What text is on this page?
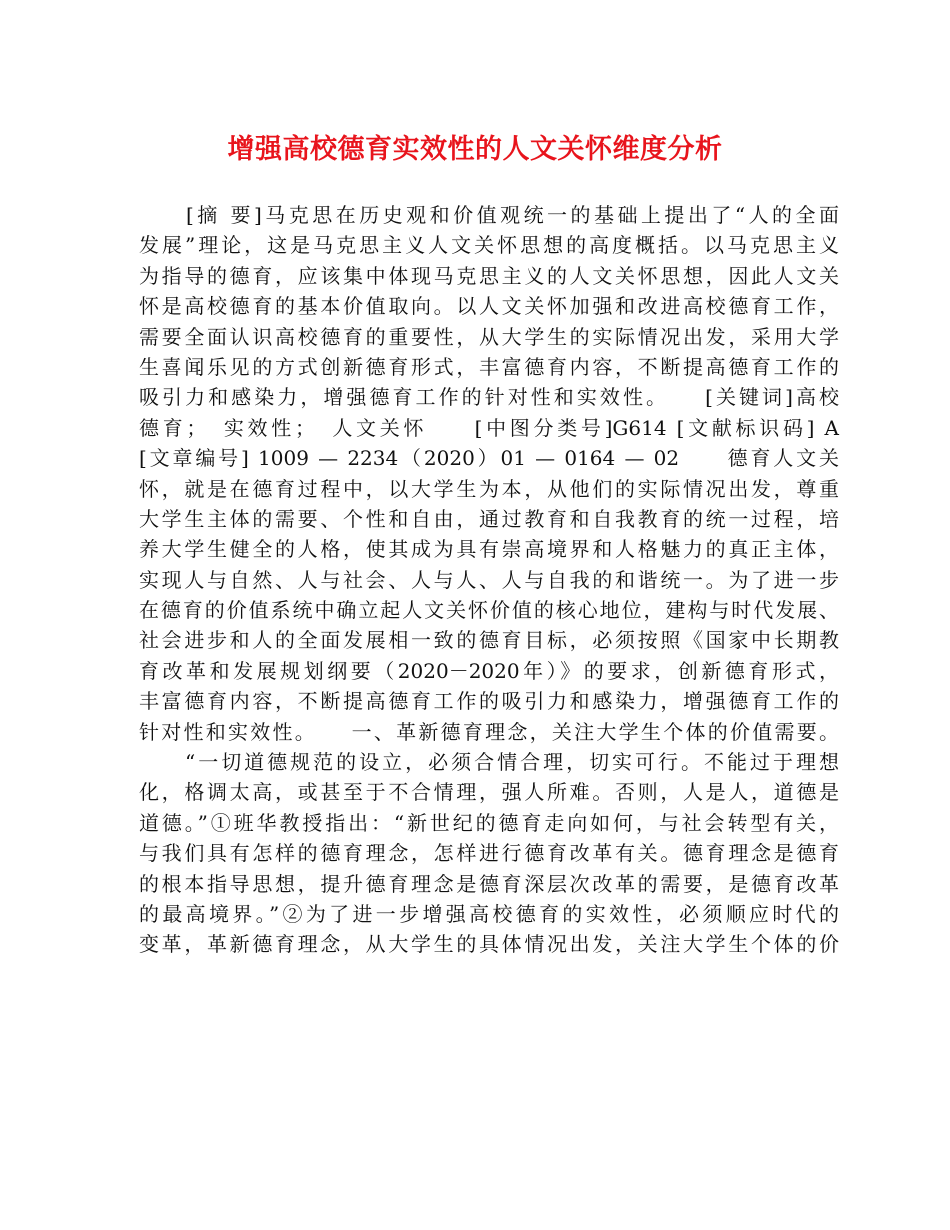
增强高校德育实效性的人文关怀维度分析
　　[摘 要]马克思在历史观和价值观统一的基础上提出了“人的全面
发展”理论，这是马克思主义人文关怀思想的高度概括。以马克思主义
为指导的德育，应该集中体现马克思主义的人文关怀思想，因此人文关
怀是高校德育的基本价值取向。以人文关怀加强和改进高校德育工作，
需要全面认识高校德育的重要性，从大学生的实际情况出发，采用大学
生喜闻乐见的方式创新德育形式，丰富德育内容，不断提高德育工作的
吸引力和感染力，增强德育工作的针对性和实效性。　　[关键词]高校
德育；　实效性；　人文关怀　　[中图分类号]G614 [文献标识码] A
[文章编号] 1009 — 2234（2020）01 — 0164 — 02　　德育人文关
怀，就是在德育过程中，以大学生为本，从他们的实际情况出发，尊重
大学生主体的需要、个性和自由，通过教育和自我教育的统一过程，培
养大学生健全的人格，使其成为具有崇高境界和人格魅力的真正主体，
实现人与自然、人与社会、人与人、人与自我的和谐统一。为了进一步
在德育的价值系统中确立起人文关怀价值的核心地位，建构与时代发展、
社会进步和人的全面发展相一致的德育目标，必须按照《国家中长期教
育改革和发展规划纲要（2020－2020年）》的要求，创新德育形式，
丰富德育内容，不断提高德育工作的吸引力和感染力，增强德育工作的
针对性和实效性。　　一、革新德育理念，关注大学生个体的价值需要。
　　“一切道德规范的设立，必须合情合理，切实可行。不能过于理想
化，格调太高，或甚至于不合情理，强人所难。否则，人是人，道德是
道德。”①班华教授指出：“新世纪的德育走向如何，与社会转型有关，
与我们具有怎样的德育理念，怎样进行德育改革有关。德育理念是德育
的根本指导思想，提升德育理念是德育深层次改革的需要，是德育改革
的最高境界。”②为了进一步增强高校德育的实效性，必须顺应时代的
变革，革新德育理念，从大学生的具体情况出发，关注大学生个体的价
